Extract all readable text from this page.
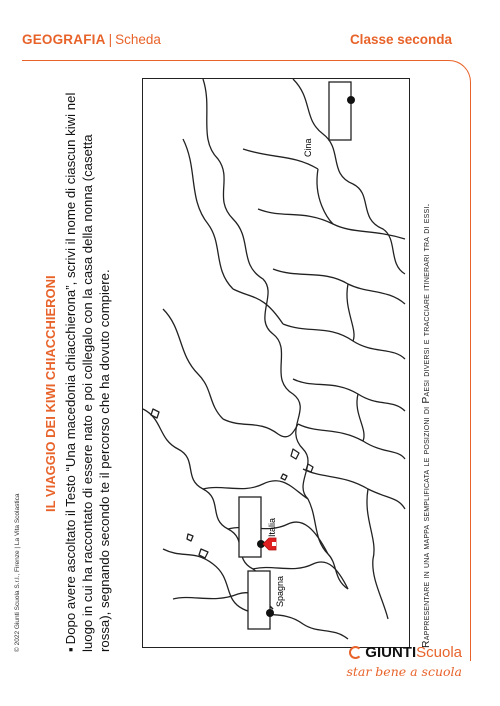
GEOGRAFIA | Scheda	Classe seconda
© 2022 Giunti Scuola S.r.l., Firenze | La Vita Scolastica
IL VIAGGIO DEI KIWI CHIACCHIERONI
▪Dopo avere ascoltato il Testo “Una macedonia chiacchierona”, scrivi il nome di ciascun kiwi nel luogo in cui ha raccontato di essere nato e poi collegalo con la casa della nonna (casetta rossa), segnando secondo te il percorso che ha dovuto compiere.	Rappresentare in una mappa semplificata le posizioni di Paesi diversi e tracciare itinerari tra di essi.
Cina
Italia
Spagna
GIUNTIScuola
star bene a scuola
